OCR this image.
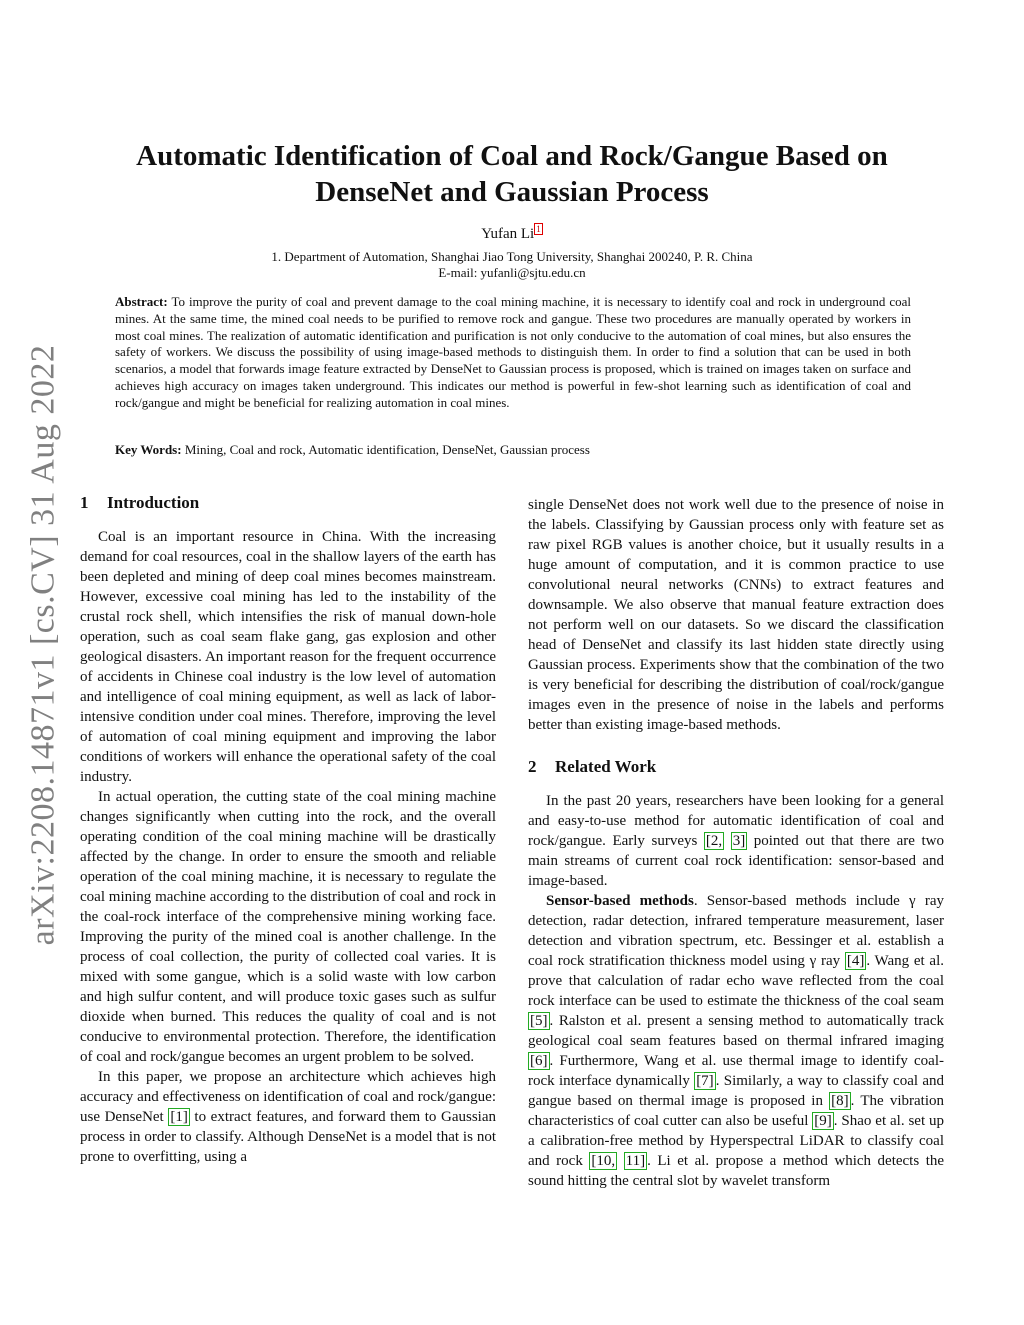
arXiv:2208.14871v1 [cs.CV] 31 Aug 2022
Automatic Identification of Coal and Rock/Gangue Based on DenseNet and Gaussian Process
Yufan Li $^1$
1. Department of Automation, Shanghai Jiao Tong University, Shanghai 200240, P. R. China
E-mail: yufanli@sjtu.edu.cn

Abstract: To improve the purity of coal and prevent damage to the coal mining machine, it is necessary to identify coal and rock in underground coal mines. At the same time, the mined coal needs to be purified to remove rock and gangue. These two procedures are manually operated by workers in most coal mines. The realization of automatic identification and purification is not only conducive to the automation of coal mines, but also ensures the safety of workers. We discuss the possibility of using image-based methods to distinguish them. In order to find a solution that can be used in both scenarios, a model that forwards image feature extracted by DenseNet to Gaussian process is proposed, which is trained on images taken on surface and achieves high accuracy on images taken underground. This indicates our method is powerful in few-shot learning such as identification of coal and rock/gangue and might be beneficial for realizing automation in coal mines.

Key Words: Mining, Coal and rock, Automatic identification, DenseNet, Gaussian process

1 Introduction

Coal is an important resource in China. With the increasing demand for coal resources, coal in the shallow layers of the earth has been depleted and mining of deep coal mines becomes mainstream. However, excessive coal mining has led to the instability of the crustal rock shell, which intensifies the risk of manual down-hole operation, such as coal seam flake gang, gas explosion and other geological disasters. An important reason for the frequent occurrence of accidents in Chinese coal industry is the low level of automation and intelligence of coal mining equipment, as well as lack of labor-intensive condition under coal mines. Therefore, improving the level of automation of coal mining equipment and improving the labor conditions of workers will enhance the operational safety of the coal industry.

In actual operation, the cutting state of the coal mining machine changes significantly when cutting into the rock, and the overall operating condition of the coal mining machine will be drastically affected by the change. In order to ensure the smooth and reliable operation of the coal mining machine, it is necessary to regulate the coal mining machine according to the distribution of coal and rock in the coal-rock interface of the comprehensive mining working face. Improving the purity of the mined coal is another challenge. In the process of coal collection, the purity of collected coal varies. It is mixed with some gangue, which is a solid waste with low carbon and high sulfur content, and will produce toxic gases such as sulfur dioxide when burned. This reduces the quality of coal and is not conducive to environmental protection. Therefore, the identification of coal and rock/gangue becomes an urgent problem to be solved.

In this paper, we propose an architecture which achieves high accuracy and effectiveness on identification of coal and rock/gangue: use DenseNet [1] to extract features, and forward them to Gaussian process in order to classify. Although DenseNet is a model that is not prone to overfitting, using a

single DenseNet does not work well due to the presence of noise in the labels. Classifying by Gaussian process only with feature set as raw pixel RGB values is another choice, but it usually results in a huge amount of computation, and it is common practice to use convolutional neural networks (CNNs) to extract features and downsample. We also observe that manual feature extraction does not perform well on our datasets. So we discard the classification head of DenseNet and classify its last hidden state directly using Gaussian process. Experiments show that the combination of the two is very beneficial for describing the distribution of coal/rock/gangue images even in the presence of noise in the labels and performs better than existing image-based methods.

2 Related Work

In the past 20 years, researchers have been looking for a general and easy-to-use method for automatic identification of coal and rock/gangue. Early surveys [2, 3] pointed out that there are two main streams of current coal rock identification: sensor-based and image-based.

Sensor-based methods. Sensor-based methods include γ ray detection, radar detection, infrared temperature measurement, laser detection and vibration spectrum, etc. Bessinger et al. establish a coal rock stratification thickness model using γ ray [4] . Wang et al. prove that calculation of radar echo wave reflected from the coal rock interface can be used to estimate the thickness of the coal seam [5] . Ralston et al. present a sensing method to automatically track geological coal seam features based on thermal infrared imaging [6] . Furthermore, Wang et al. use thermal image to identify coal-rock interface dynamically [7] . Similarly, a way to classify coal and gangue based on thermal image is proposed in [8] . The vibration characteristics of coal cutter can also be useful [9] . Shao et al. set up a calibration-free method by Hyperspectral LiDAR to classify coal and rock [10, 11] . Li et al. propose a method which detects the sound hitting the central slot by wavelet transform
